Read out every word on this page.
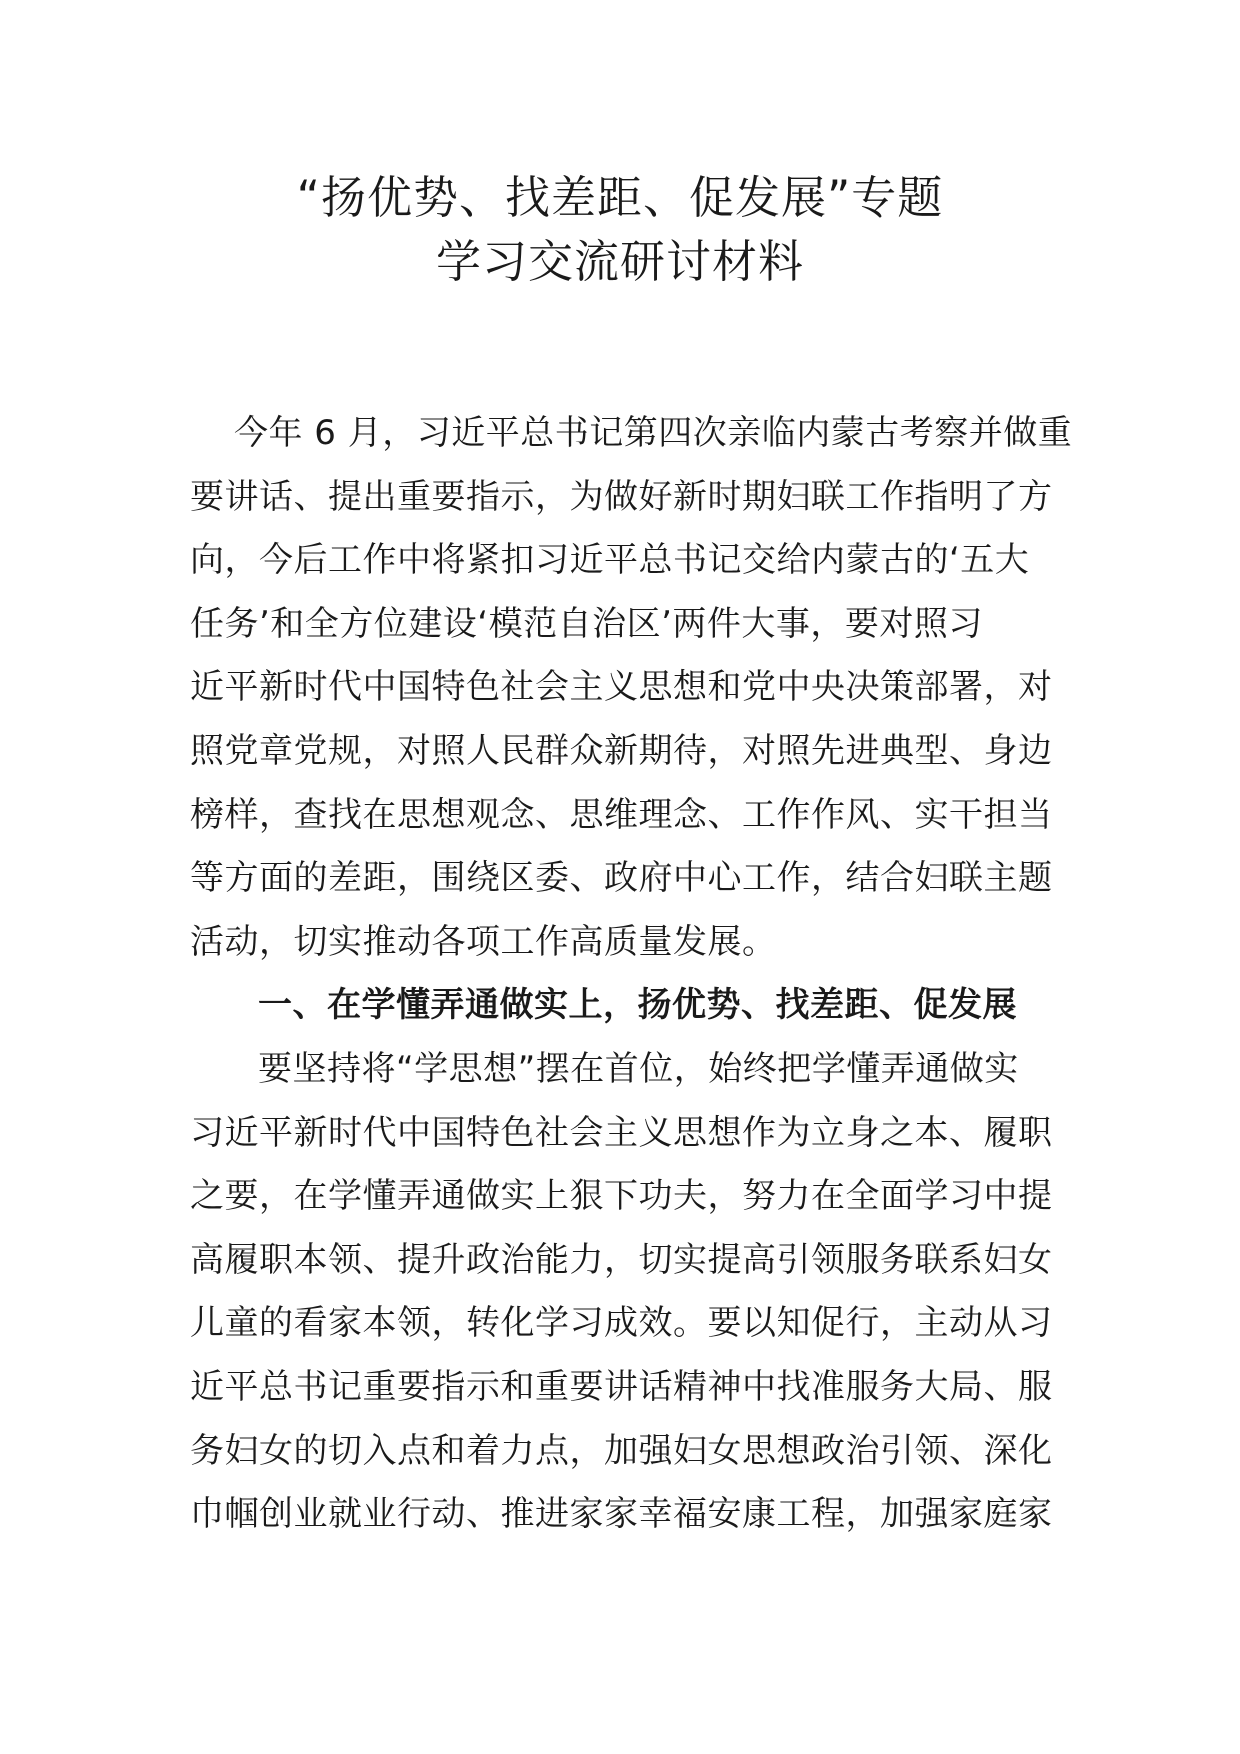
“扬优势、找差距、促发展”专题
学习交流研讨材料
今年 6 月，习近平总书记第四次亲临内蒙古考察并做重
要讲话、提出重要指示，为做好新时期妇联工作指明了方
向，今后工作中将紧扣习近平总书记交给内蒙古的‘五大
任务’和全方位建设‘模范自治区’两件大事，要对照习
近平新时代中国特色社会主义思想和党中央决策部署，对
照党章党规，对照人民群众新期待，对照先进典型、身边
榜样，查找在思想观念、思维理念、工作作风、实干担当
等方面的差距，围绕区委、政府中心工作，结合妇联主题
活动，切实推动各项工作高质量发展。
一、在学懂弄通做实上，扬优势、找差距、促发展
要坚持将“学思想”摆在首位，始终把学懂弄通做实
习近平新时代中国特色社会主义思想作为立身之本、履职
之要，在学懂弄通做实上狠下功夫，努力在全面学习中提
高履职本领、提升政治能力，切实提高引领服务联系妇女
儿童的看家本领，转化学习成效。要以知促行，主动从习
近平总书记重要指示和重要讲话精神中找准服务大局、服
务妇女的切入点和着力点，加强妇女思想政治引领、深化
巾帼创业就业行动、推进家家幸福安康工程，加强家庭家
